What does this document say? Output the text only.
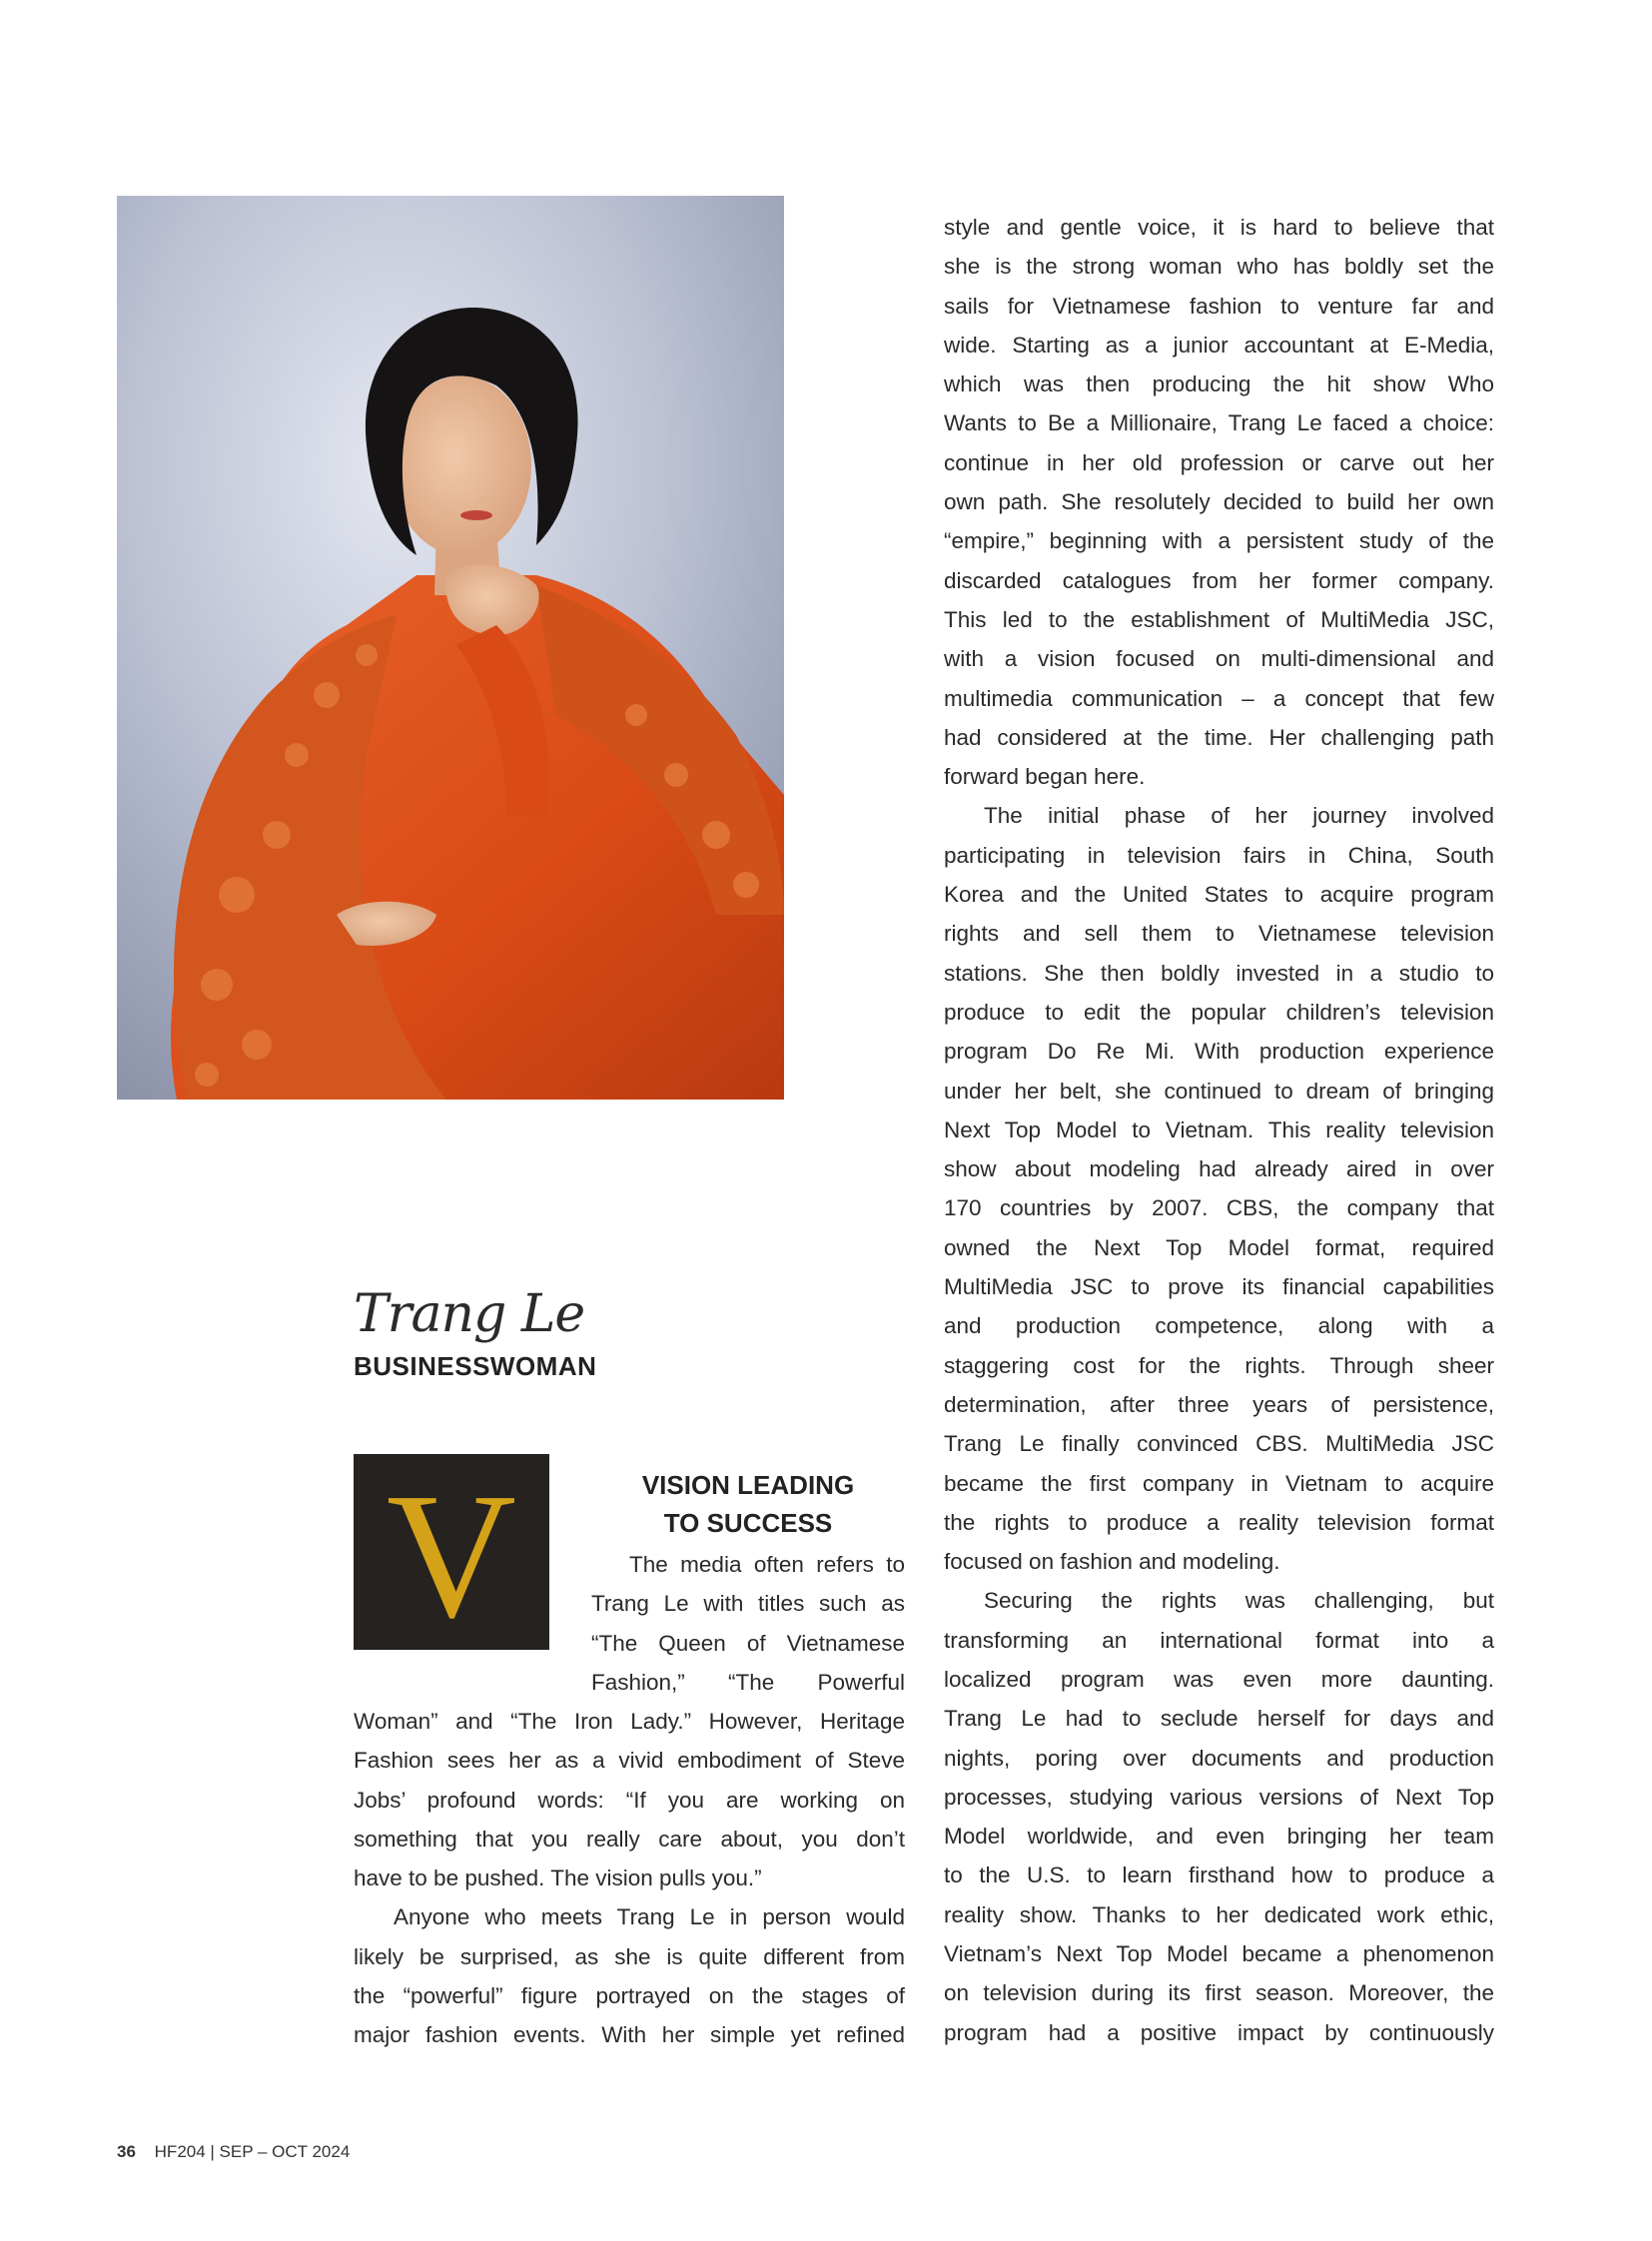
Trang Le
BUSINESSWOMAN
V	VISION LEADING
TO SUCCESS
The media often refers to
Trang Le with titles such as
“The Queen of Vietnamese
Fashion,” “The Powerful
Woman” and “The Iron Lady.” However, Heritage
Fashion sees her as a vivid embodiment of Steve
Jobs’ profound words: “If you are working on
something that you really care about, you don’t
have to be pushed. The vision pulls you.”
Anyone who meets Trang Le in person would
likely be surprised, as she is quite different from
the “powerful” figure portrayed on the stages of
major fashion events. With her simple yet refined
style and gentle voice, it is hard to believe that
she is the strong woman who has boldly set the
sails for Vietnamese fashion to venture far and
wide. Starting as a junior accountant at E-Media,
which was then producing the hit show Who
Wants to Be a Millionaire, Trang Le faced a choice:
continue in her old profession or carve out her
own path. She resolutely decided to build her own
“empire,” beginning with a persistent study of the
discarded catalogues from her former company.
This led to the establishment of MultiMedia JSC,
with a vision focused on multi-dimensional and
multimedia communication – a concept that few
had considered at the time. Her challenging path
forward began here.
The initial phase of her journey involved
participating in television fairs in China, South
Korea and the United States to acquire program
rights and sell them to Vietnamese television
stations. She then boldly invested in a studio to
produce to edit the popular children’s television
program Do Re Mi. With production experience
under her belt, she continued to dream of bringing
Next Top Model to Vietnam. This reality television
show about modeling had already aired in over
170 countries by 2007. CBS, the company that
owned the Next Top Model format, required
MultiMedia JSC to prove its financial capabilities
and production competence, along with a
staggering cost for the rights. Through sheer
determination, after three years of persistence,
Trang Le finally convinced CBS. MultiMedia JSC
became the first company in Vietnam to acquire
the rights to produce a reality television format
focused on fashion and modeling.
Securing the rights was challenging, but
transforming an international format into a
localized program was even more daunting.
Trang Le had to seclude herself for days and
nights, poring over documents and production
processes, studying various versions of Next Top
Model worldwide, and even bringing her team
to the U.S. to learn firsthand how to produce a
reality show. Thanks to her dedicated work ethic,
Vietnam’s Next Top Model became a phenomenon
on television during its first season. Moreover, the
program had a positive impact by continuously
36 HF204 | SEP – OCT 2024
